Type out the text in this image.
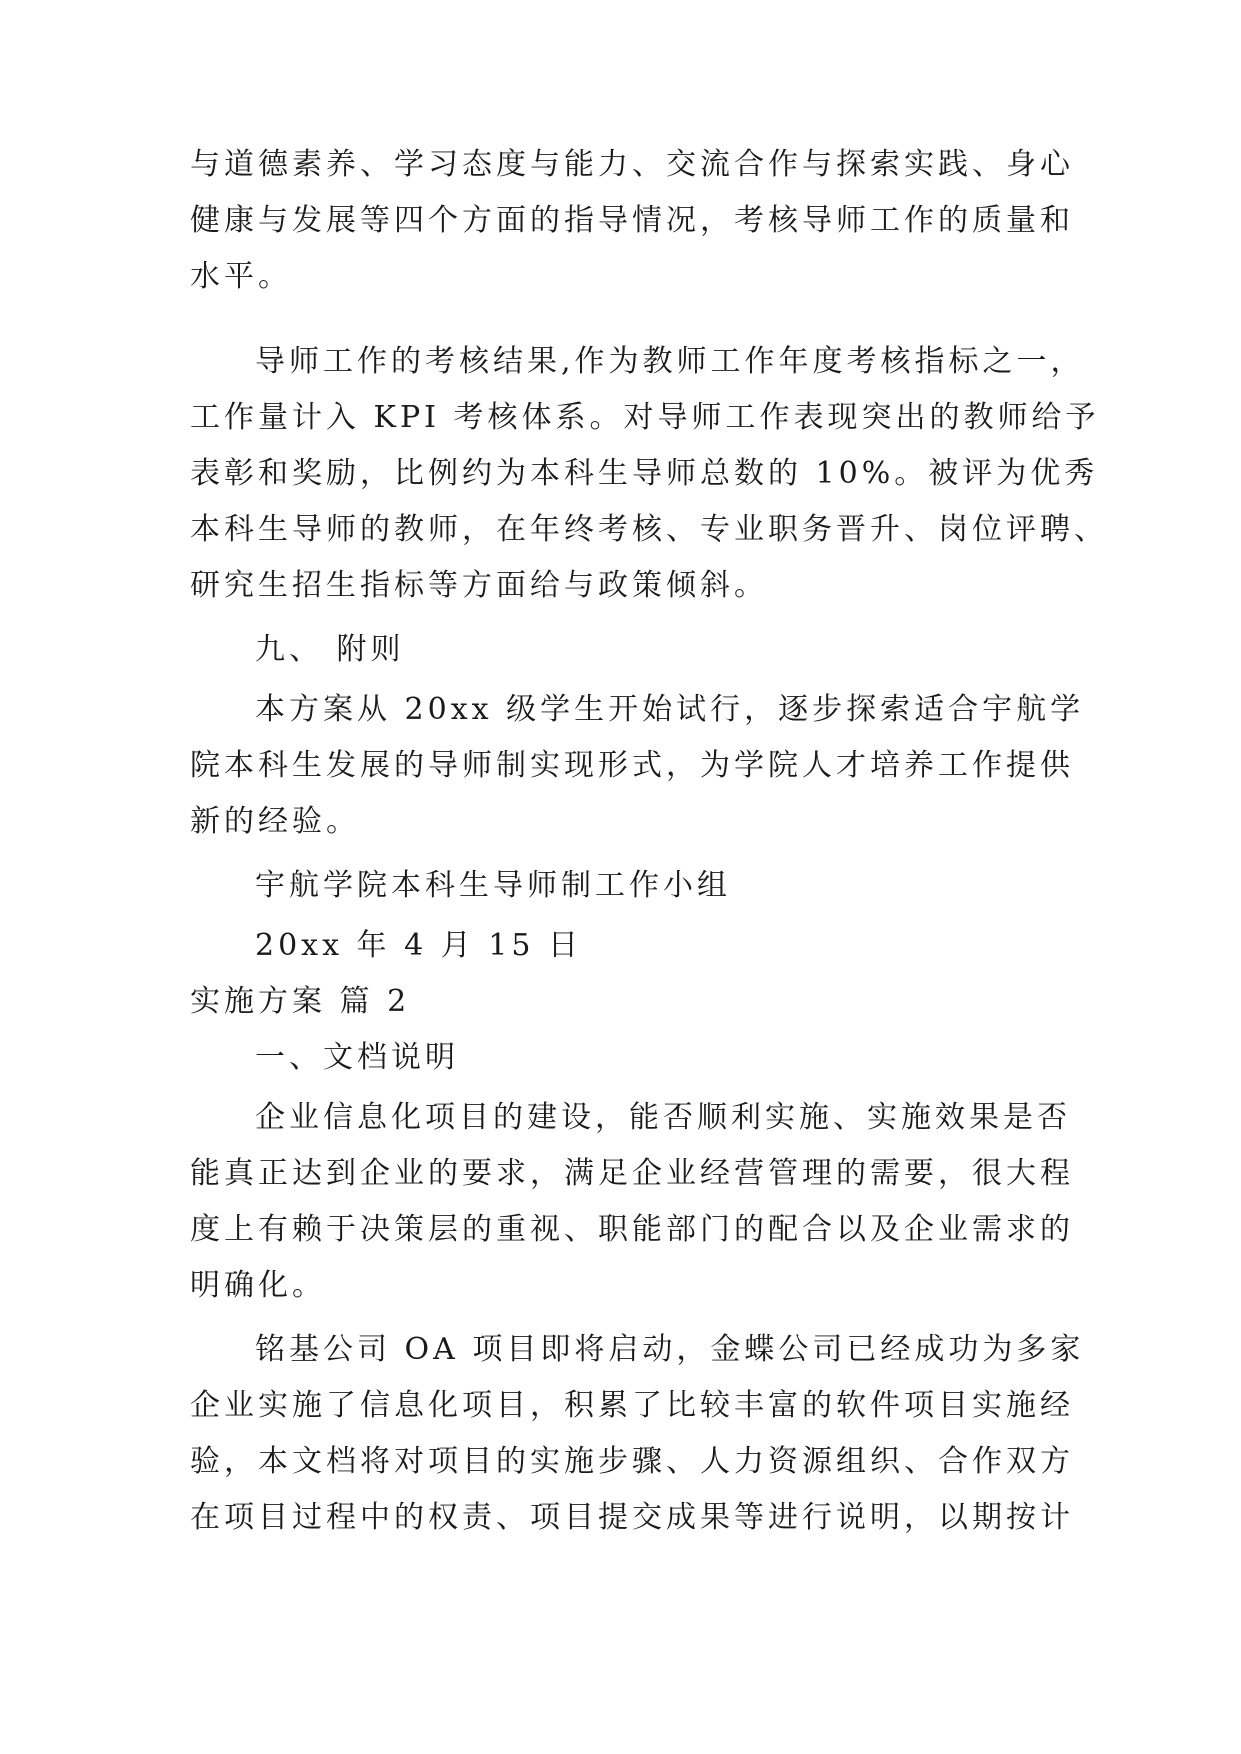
与道德素养、学习态度与能力、交流合作与探索实践、身心
健康与发展等四个方面的指导情况，考核导师工作的质量和
水平。
导师工作的考核结果,作为教师工作年度考核指标之一，
工作量计入 KPI 考核体系。对导师工作表现突出的教师给予
表彰和奖励，比例约为本科生导师总数的 10%。被评为优秀
本科生导师的教师，在年终考核、专业职务晋升、岗位评聘、
研究生招生指标等方面给与政策倾斜。
九、 附则
本方案从 20xx 级学生开始试行，逐步探索适合宇航学
院本科生发展的导师制实现形式，为学院人才培养工作提供
新的经验。
宇航学院本科生导师制工作小组
20xx 年 4 月 15 日
实施方案 篇 2
一、文档说明
企业信息化项目的建设，能否顺利实施、实施效果是否
能真正达到企业的要求，满足企业经营管理的需要，很大程
度上有赖于决策层的重视、职能部门的配合以及企业需求的
明确化。
铭基公司 OA 项目即将启动，金蝶公司已经成功为多家
企业实施了信息化项目，积累了比较丰富的软件项目实施经
验，本文档将对项目的实施步骤、人力资源组织、合作双方
在项目过程中的权责、项目提交成果等进行说明，以期按计
